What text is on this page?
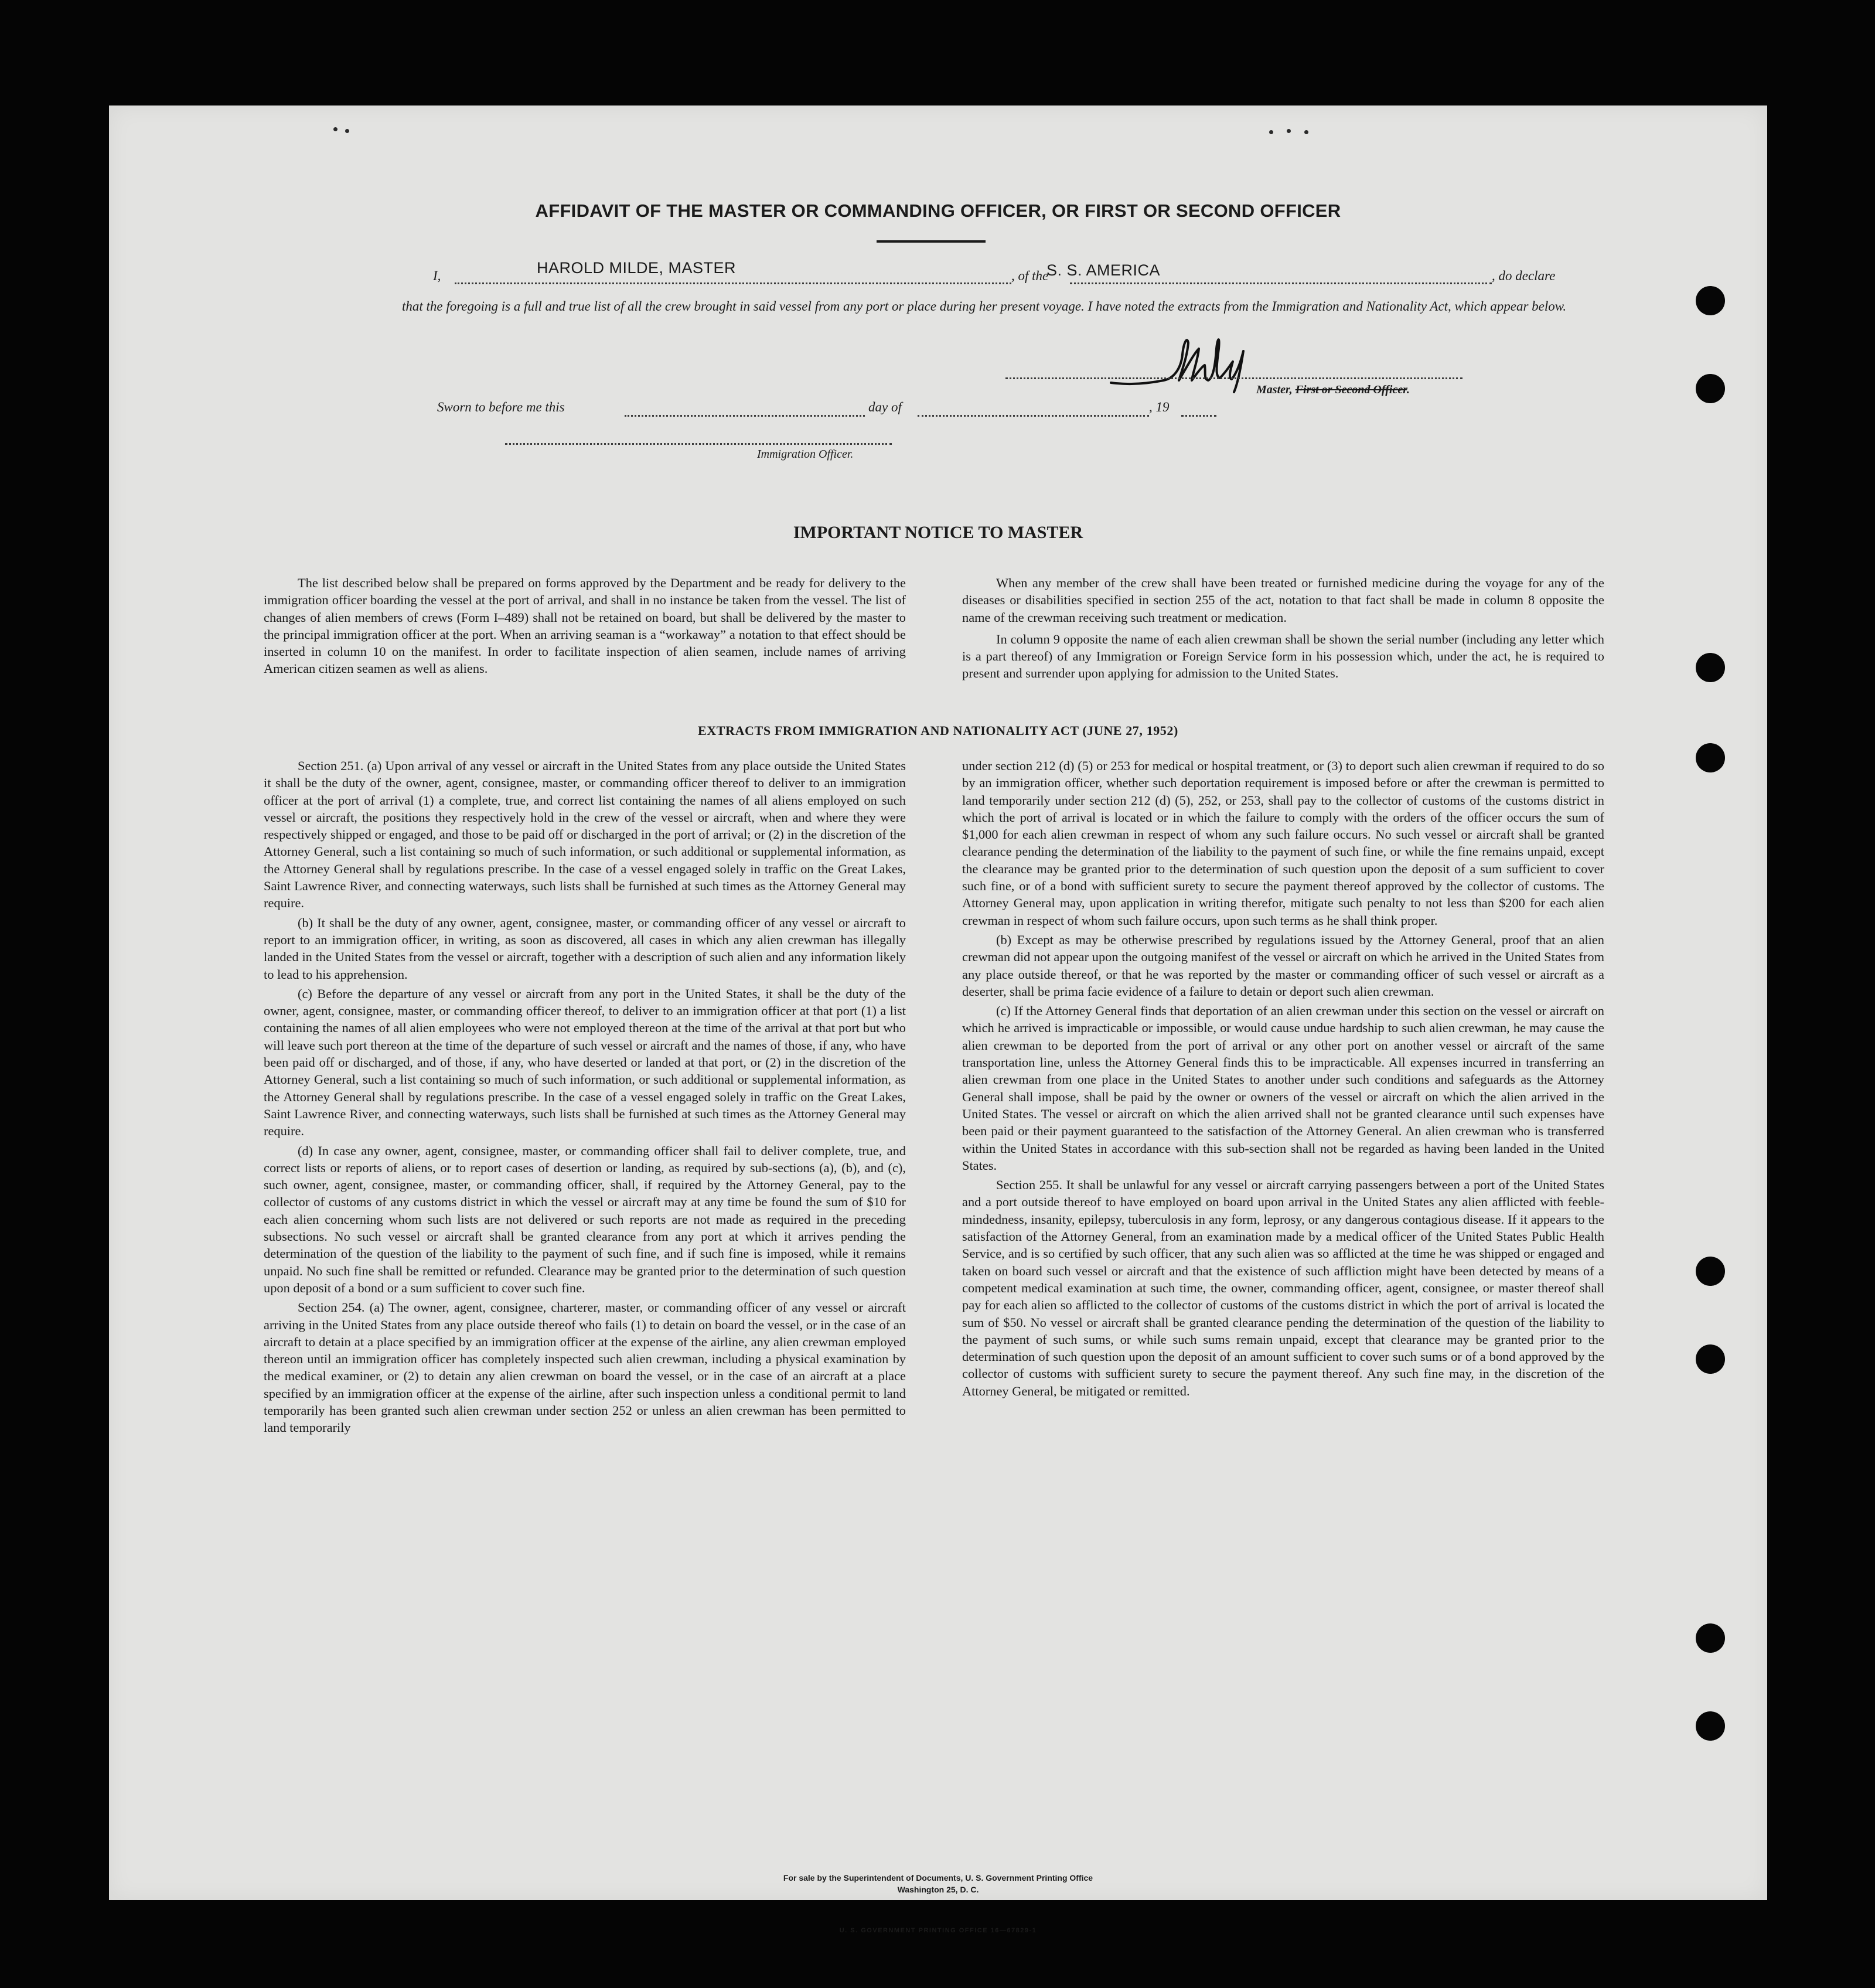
AFFIDAVIT OF THE MASTER OR COMMANDING OFFICER, OR FIRST OR SECOND OFFICER
I,	HAROLD MILDE, MASTER	, of the
S. S. AMERICA	, do declare
that the foregoing is a full and true list of all the crew brought in said vessel from any port or place during her present voyage. I have noted the extracts from the Immigration and Nationality Act, which appear below.
Master, First or Second Officer.
Sworn to before me this	day of	, 19
Immigration Officer.
IMPORTANT NOTICE TO MASTER

The list described below shall be prepared on forms approved by the Department and be ready for delivery to the immigration officer boarding the vessel at the port of arrival, and shall in no instance be taken from the vessel. The list of changes of alien members of crews (Form I–489) shall not be retained on board, but shall be delivered by the master to the principal immigration officer at the port. When an arriving seaman is a “workaway” a notation to that effect should be inserted in column 10 on the manifest. In order to facilitate inspection of alien seamen, include names of arriving American citizen seamen as well as aliens.

When any member of the crew shall have been treated or furnished medicine during the voyage for any of the diseases or disabilities specified in section 255 of the act, notation to that fact shall be made in column 8 opposite the name of the crewman receiving such treatment or medication.

In column 9 opposite the name of each alien crewman shall be shown the serial number (including any letter which is a part thereof) of any Immigration or Foreign Service form in his possession which, under the act, he is required to present and surrender upon applying for admission to the United States.

EXTRACTS FROM IMMIGRATION AND NATIONALITY ACT (JUNE 27, 1952)

Section 251. (a) Upon arrival of any vessel or aircraft in the United States from any place outside the United States it shall be the duty of the owner, agent, consignee, master, or commanding officer thereof to deliver to an immigration officer at the port of arrival (1) a complete, true, and correct list containing the names of all aliens employed on such vessel or aircraft, the positions they respectively hold in the crew of the vessel or aircraft, when and where they were respectively shipped or engaged, and those to be paid off or discharged in the port of arrival; or (2) in the discretion of the Attorney General, such a list containing so much of such information, or such additional or supplemental information, as the Attorney General shall by regulations prescribe. In the case of a vessel engaged solely in traffic on the Great Lakes, Saint Lawrence River, and connecting waterways, such lists shall be furnished at such times as the Attorney General may require.

(b) It shall be the duty of any owner, agent, consignee, master, or commanding officer of any vessel or aircraft to report to an immigration officer, in writing, as soon as discovered, all cases in which any alien crewman has illegally landed in the United States from the vessel or aircraft, together with a description of such alien and any information likely to lead to his apprehension.

(c) Before the departure of any vessel or aircraft from any port in the United States, it shall be the duty of the owner, agent, consignee, master, or commanding officer thereof, to deliver to an immigration officer at that port (1) a list containing the names of all alien employees who were not employed thereon at the time of the arrival at that port but who will leave such port thereon at the time of the departure of such vessel or aircraft and the names of those, if any, who have been paid off or discharged, and of those, if any, who have deserted or landed at that port, or (2) in the discretion of the Attorney General, such a list containing so much of such information, or such additional or supplemental information, as the Attorney General shall by regulations prescribe. In the case of a vessel engaged solely in traffic on the Great Lakes, Saint Lawrence River, and connecting waterways, such lists shall be furnished at such times as the Attorney General may require.

(d) In case any owner, agent, consignee, master, or commanding officer shall fail to deliver complete, true, and correct lists or reports of aliens, or to report cases of desertion or landing, as required by sub-sections (a), (b), and (c), such owner, agent, consignee, master, or commanding officer, shall, if required by the Attorney General, pay to the collector of customs of any customs district in which the vessel or aircraft may at any time be found the sum of $10 for each alien concerning whom such lists are not delivered or such reports are not made as required in the preceding subsections. No such vessel or aircraft shall be granted clearance from any port at which it arrives pending the determination of the question of the liability to the payment of such fine, and if such fine is imposed, while it remains unpaid. No such fine shall be remitted or refunded. Clearance may be granted prior to the determination of such question upon deposit of a bond or a sum sufficient to cover such fine.

Section 254. (a) The owner, agent, consignee, charterer, master, or commanding officer of any vessel or aircraft arriving in the United States from any place outside thereof who fails (1) to detain on board the vessel, or in the case of an aircraft to detain at a place specified by an immigration officer at the expense of the airline, any alien crewman employed thereon until an immigration officer has completely inspected such alien crewman, including a physical examination by the medical examiner, or (2) to detain any alien crewman on board the vessel, or in the case of an aircraft at a place specified by an immigration officer at the expense of the airline, after such inspection unless a conditional permit to land temporarily has been granted such alien crewman under section 252 or unless an alien crewman has been permitted to land temporarily

under section 212 (d) (5) or 253 for medical or hospital treatment, or (3) to deport such alien crewman if required to do so by an immigration officer, whether such deportation requirement is imposed before or after the crewman is permitted to land temporarily under section 212 (d) (5), 252, or 253, shall pay to the collector of customs of the customs district in which the port of arrival is located or in which the failure to comply with the orders of the officer occurs the sum of $1,000 for each alien crewman in respect of whom any such failure occurs. No such vessel or aircraft shall be granted clearance pending the determination of the liability to the payment of such fine, or while the fine remains unpaid, except the clearance may be granted prior to the determination of such question upon the deposit of a sum sufficient to cover such fine, or of a bond with sufficient surety to secure the payment thereof approved by the collector of customs. The Attorney General may, upon application in writing therefor, mitigate such penalty to not less than $200 for each alien crewman in respect of whom such failure occurs, upon such terms as he shall think proper.

(b) Except as may be otherwise prescribed by regulations issued by the Attorney General, proof that an alien crewman did not appear upon the outgoing manifest of the vessel or aircraft on which he arrived in the United States from any place outside thereof, or that he was reported by the master or commanding officer of such vessel or aircraft as a deserter, shall be prima facie evidence of a failure to detain or deport such alien crewman.

(c) If the Attorney General finds that deportation of an alien crewman under this section on the vessel or aircraft on which he arrived is impracticable or impossible, or would cause undue hardship to such alien crewman, he may cause the alien crewman to be deported from the port of arrival or any other port on another vessel or aircraft of the same transportation line, unless the Attorney General finds this to be impracticable. All expenses incurred in transferring an alien crewman from one place in the United States to another under such conditions and safeguards as the Attorney General shall impose, shall be paid by the owner or owners of the vessel or aircraft on which the alien arrived in the United States. The vessel or aircraft on which the alien arrived shall not be granted clearance until such expenses have been paid or their payment guaranteed to the satisfaction of the Attorney General. An alien crewman who is transferred within the United States in accordance with this sub-section shall not be regarded as having been landed in the United States.

Section 255. It shall be unlawful for any vessel or aircraft carrying passengers between a port of the United States and a port outside thereof to have employed on board upon arrival in the United States any alien afflicted with feeble-mindedness, insanity, epilepsy, tuberculosis in any form, leprosy, or any dangerous contagious disease. If it appears to the satisfaction of the Attorney General, from an examination made by a medical officer of the United States Public Health Service, and is so certified by such officer, that any such alien was so afflicted at the time he was shipped or engaged and taken on board such vessel or aircraft and that the existence of such affliction might have been detected by means of a competent medical examination at such time, the owner, commanding officer, agent, consignee, or master thereof shall pay for each alien so afflicted to the collector of customs of the customs district in which the port of arrival is located the sum of $50. No vessel or aircraft shall be granted clearance pending the determination of the question of the liability to the payment of such sums, or while such sums remain unpaid, except that clearance may be granted prior to the determination of such question upon the deposit of an amount sufficient to cover such sums or of a bond approved by the collector of customs with sufficient surety to secure the payment thereof. Any such fine may, in the discretion of the Attorney General, be mitigated or remitted.

U. S. GOVERNMENT PRINTING OFFICE 16—67829-1
For sale by the Superintendent of Documents, U. S. Government Printing Office
Washington 25, D. C.
